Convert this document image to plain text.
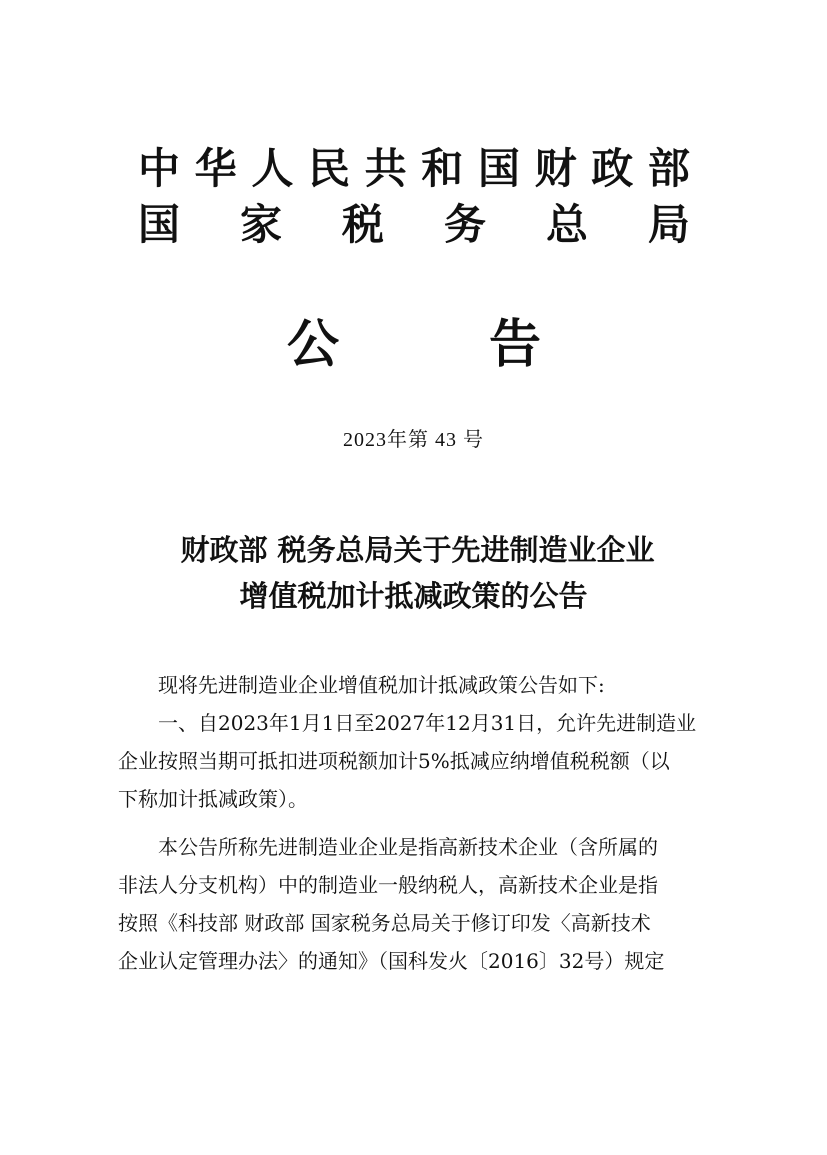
中 华 人 民 共 和 国 财 政 部
国 家 税 务 总 局
公	告
2023年第 43 号
财政部 税务总局关于先进制造业企业
增值税加计抵减政策的公告
现将先进制造业企业增值税加计抵减政策公告如下:
一、自2023年1月1日至2027年12月31日，允许先进制造业
企业按照当期可抵扣进项税额加计5%抵减应纳增值税税额（以
下称加计抵减政策）。
本公告所称先进制造业企业是指高新技术企业（含所属的
非法人分支机构）中的制造业一般纳税人，高新技术企业是指
按照《科技部 财政部 国家税务总局关于修订印发〈高新技术
企业认定管理办法〉的通知》（国科发火〔2016〕32号）规定
